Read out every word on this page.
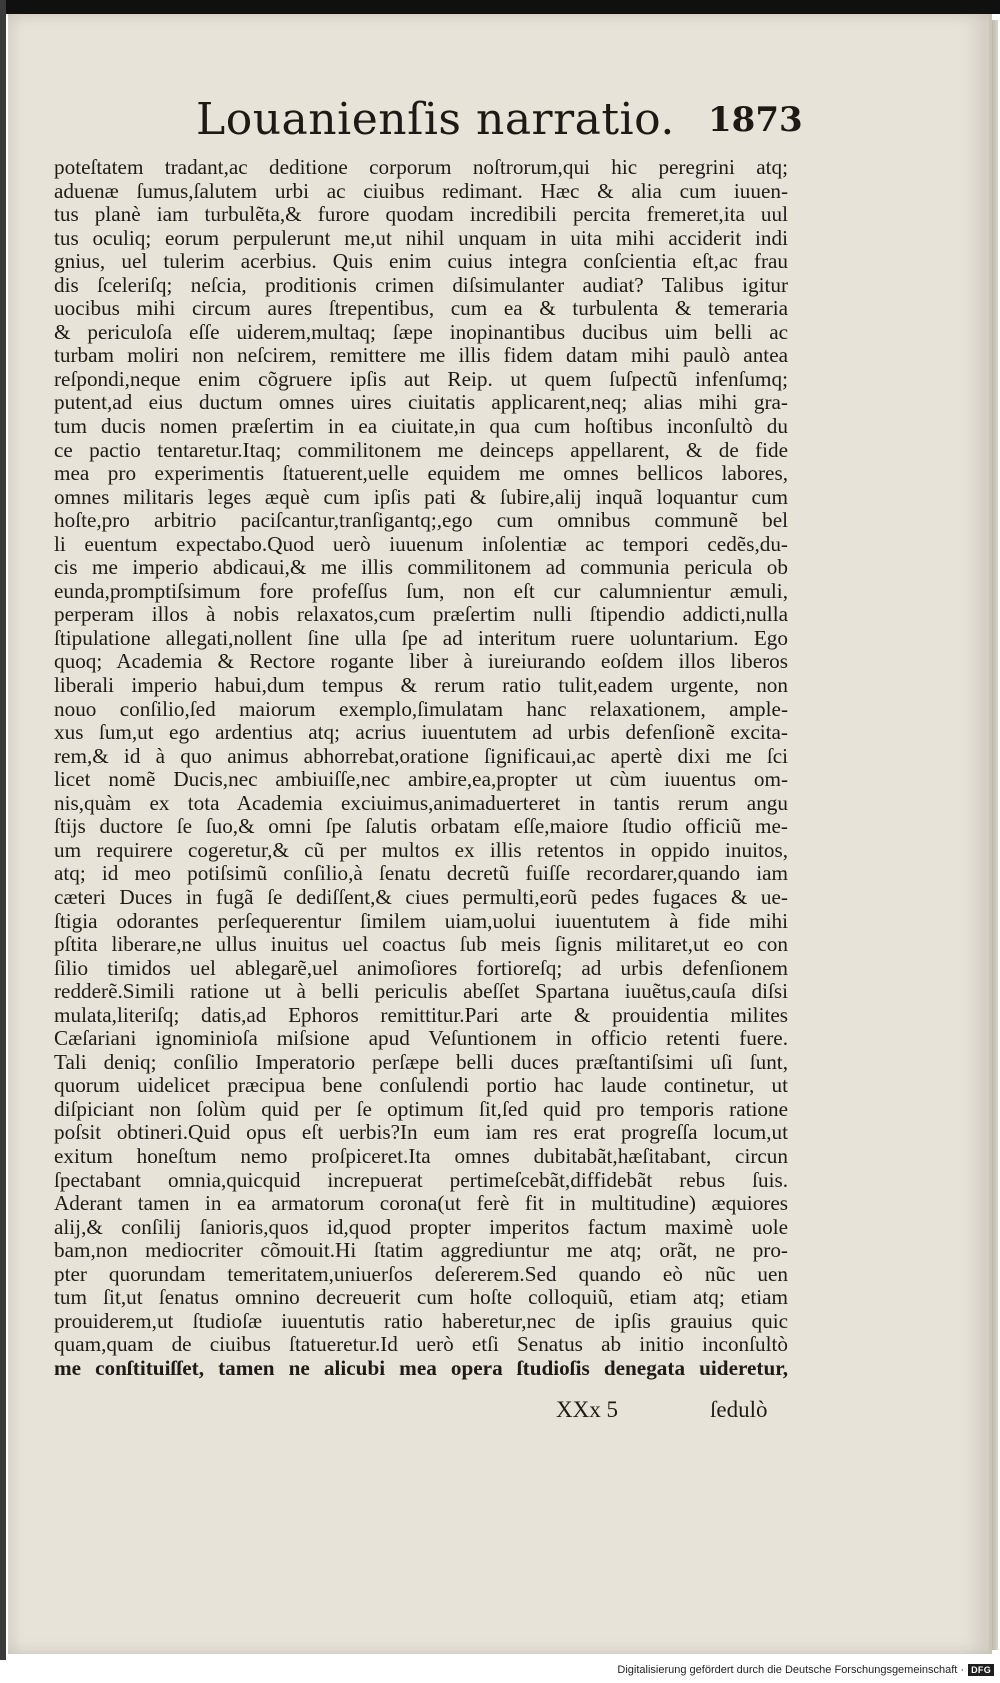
Louanienſis narratio. 1873
poteſtatem tradant,ac deditione corporum noſtrorum,qui hic peregrini atq;
aduenæ ſumus,ſalutem urbi ac ciuibus redimant. Hæc & alia cum iuuen-
tus planè iam turbulẽta,& furore quodam incredibili percita fremeret,ita uul
tus oculiq; eorum perpulerunt me,ut nihil unquam in uita mihi acciderit indi
gnius, uel tulerim acerbius. Quis enim cuius integra conſcientia eſt,ac frau
dis ſceleriſq; neſcia, proditionis crimen diſsimulanter audiat? Talibus igitur
uocibus mihi circum aures ſtrepentibus, cum ea & turbulenta & temeraria
& periculoſa eſſe uiderem,multaq; ſæpe inopinantibus ducibus uim belli ac
turbam moliri non neſcirem, remittere me illis fidem datam mihi paulò antea
reſpondi,neque enim cõgruere ipſis aut Reip. ut quem ſuſpectũ infenſumq;
putent,ad eius ductum omnes uires ciuitatis applicarent,neq; alias mihi gra-
tum ducis nomen præſertim in ea ciuitate,in qua cum hoſtibus inconſultò du
ce pactio tentaretur.Itaq; commilitonem me deinceps appellarent, & de fide
mea pro experimentis ſtatuerent,uelle equidem me omnes bellicos labores,
omnes militaris leges æquè cum ipſis pati & ſubire,alij inquã loquantur cum
hoſte,pro arbitrio paciſcantur,tranſigantq;,ego cum omnibus communẽ bel
li euentum expectabo.Quod uerò iuuenum inſolentiæ ac tempori cedẽs,du-
cis me imperio abdicaui,& me illis commilitonem ad communia pericula ob
eunda,promptiſsimum fore profeſſus ſum, non eſt cur calumnientur æmuli,
perperam illos à nobis relaxatos,cum præſertim nulli ſtipendio addicti,nulla
ſtipulatione allegati,nollent ſine ulla ſpe ad interitum ruere uoluntarium. Ego
quoq; Academia & Rectore rogante liber à iureiurando eoſdem illos liberos
liberali imperio habui,dum tempus & rerum ratio tulit,eadem urgente, non
nouo conſilio,ſed maiorum exemplo,ſimulatam hanc relaxationem, ample-
xus ſum,ut ego ardentius atq; acrius iuuentutem ad urbis defenſionẽ excita-
rem,& id à quo animus abhorrebat,oratione ſignificaui,ac apertè dixi me ſci
licet nomẽ Ducis,nec ambiuiſſe,nec ambire,ea,propter ut cùm iuuentus om-
nis,quàm ex tota Academia exciuimus,animaduerteret in tantis rerum angu
ſtijs ductore ſe ſuo,& omni ſpe ſalutis orbatam eſſe,maiore ſtudio officiũ me-
um requirere cogeretur,& cũ per multos ex illis retentos in oppido inuitos,
atq; id meo potiſsimũ conſilio,à ſenatu decretũ fuiſſe recordarer,quando iam
cæteri Duces in fugã ſe dediſſent,& ciues permulti,eorũ pedes fugaces & ue-
ſtigia odorantes perſequerentur ſimilem uiam,uolui iuuentutem à fide mihi
pſtita liberare,ne ullus inuitus uel coactus ſub meis ſignis militaret,ut eo con
ſilio timidos uel ablegarẽ,uel animoſiores fortioreſq; ad urbis defenſionem
redderẽ.Simili ratione ut à belli periculis abeſſet Spartana iuuẽtus,cauſa diſsi
mulata,literiſq; datis,ad Ephoros remittitur.Pari arte & prouidentia milites
Cæſariani ignominioſa miſsione apud Veſuntionem in officio retenti fuere.
Tali deniq; conſilio Imperatorio perſæpe belli duces præſtantiſsimi uſi ſunt,
quorum uidelicet præcipua bene conſulendi portio hac laude continetur, ut
diſpiciant non ſolùm quid per ſe optimum ſit,ſed quid pro temporis ratione
poſsit obtineri.Quid opus eſt uerbis?In eum iam res erat progreſſa locum,ut
exitum honeſtum nemo proſpiceret.Ita omnes dubitabãt,hæſitabant, circun
ſpectabant omnia,quicquid increpuerat pertimeſcebãt,diffidebãt rebus ſuis.
Aderant tamen in ea armatorum corona(ut ferè fit in multitudine) æquiores
alij,& conſilij ſanioris,quos id,quod propter imperitos factum maximè uole
bam,non mediocriter cõmouit.Hi ſtatim aggrediuntur me atq; orãt, ne pro-
pter quorundam temeritatem,uniuerſos deſererem.Sed quando eò nũc uen
tum ſit,ut ſenatus omnino decreuerit cum hoſte colloquiũ, etiam atq; etiam
prouiderem,ut ſtudioſæ iuuentutis ratio haberetur,nec de ipſis grauius quic
quam,quam de ciuibus ſtatueretur.Id uerò etſi Senatus ab initio inconſultò
me conſtituiſſet, tamen ne alicubi mea opera ſtudioſis denegata uideretur,
XXx 5	ſedulò
Digitalisierung gefördert durch die Deutsche Forschungsgemeinschaft · DFG
